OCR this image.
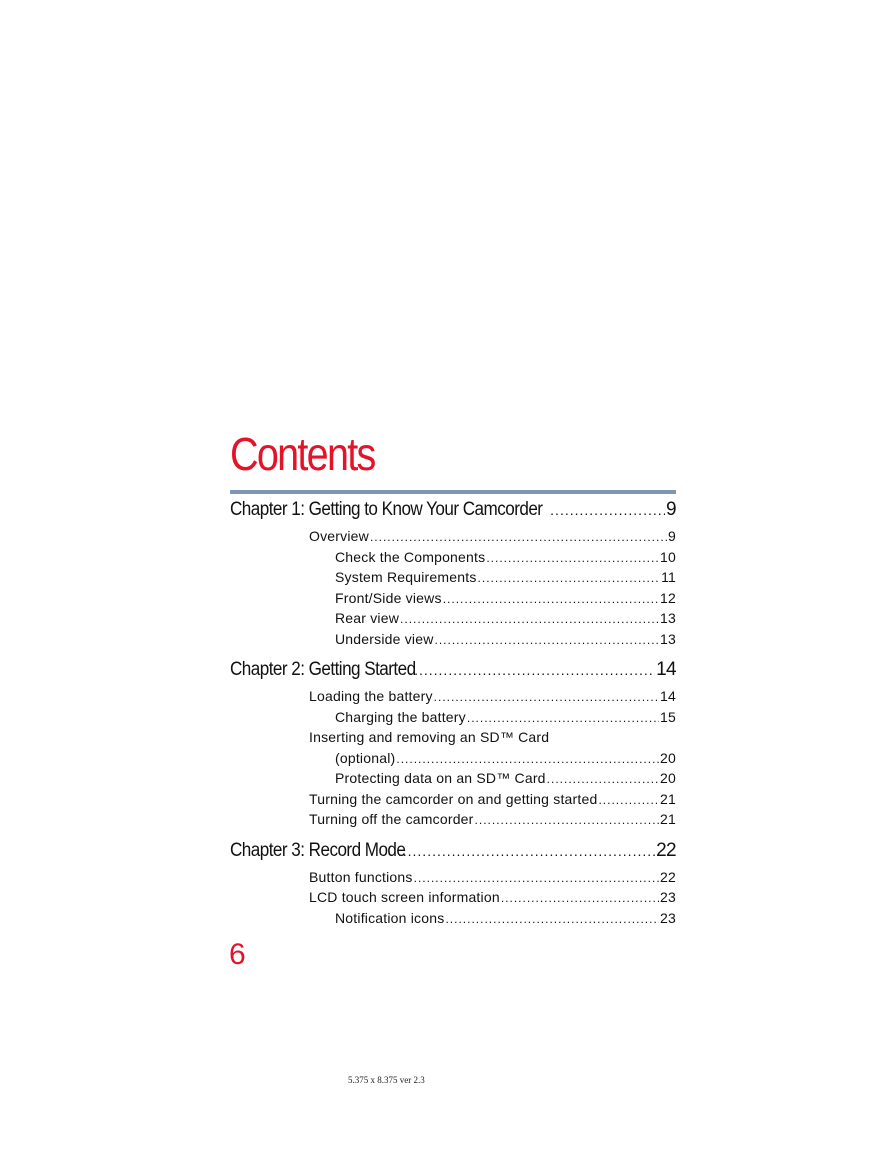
Contents
Chapter 1: Getting to Know Your Camcorder .....	9
Overview .....	9
Check the Components .....	10
System Requirements .....	11
Front/Side views .....	12
Rear view .....	13
Underside view .....	13
Chapter 2: Getting Started .....	14
Loading the battery .....	14
Charging the battery .....	15
Inserting and removing an SD™ Card
(optional) .....	20
Protecting data on an SD™ Card .....	20
Turning the camcorder on and getting started .....	21
Turning off the camcorder .....	21
Chapter 3: Record Mode .....	22
Button functions .....	22
LCD touch screen information .....	23
Notification icons .....	23
6
5.375 x 8.375 ver 2.3
